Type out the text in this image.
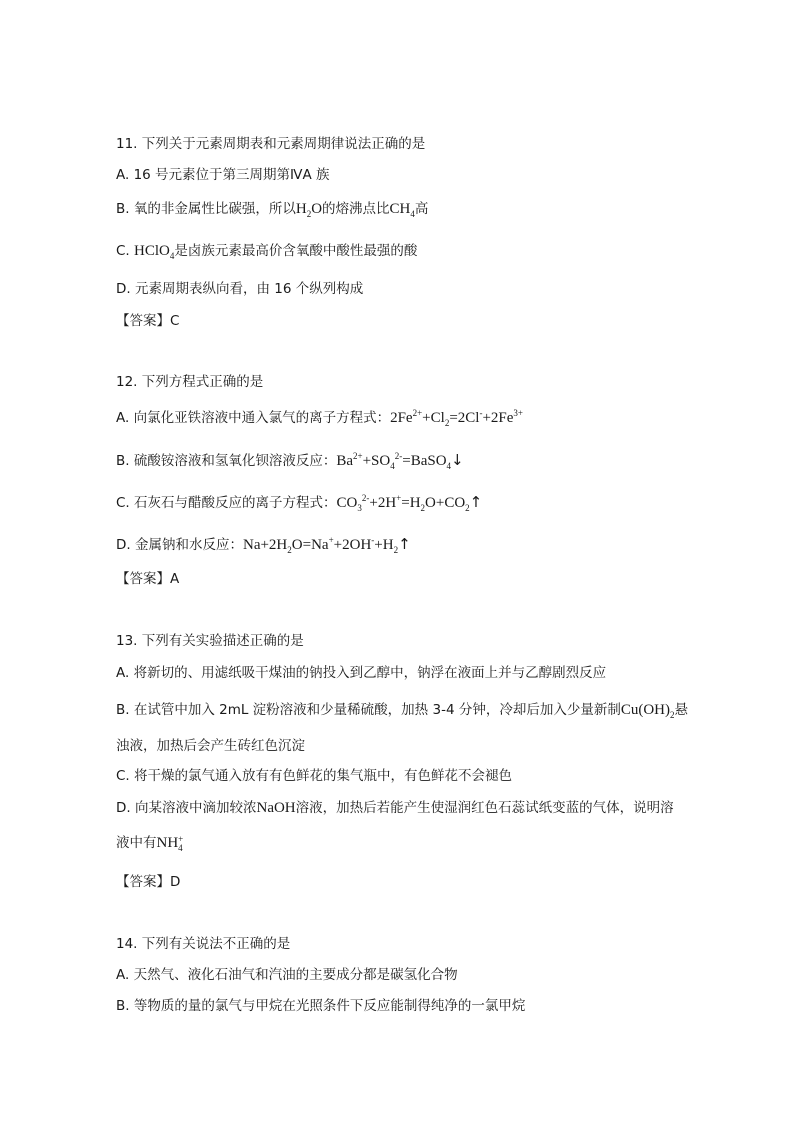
11. 下列关于元素周期表和元素周期律说法正确的是
A. 16 号元素位于第三周期第ⅣA 族
B. 氧的非金属性比碳强，所以$H_2O$的熔沸点比$CH_4$高
C. HClO$_4$是卤族元素最高价含氧酸中酸性最强的酸
D. 元素周期表纵向看，由 16 个纵列构成
【答案】C
12. 下列方程式正确的是
A. 向氯化亚铁溶液中通入氯气的离子方程式：$2Fe^{2+}+Cl_2=2Cl^-+2Fe^{3+}$
B. 硫酸铵溶液和氢氧化钡溶液反应：$Ba^{2+}+SO_4^{2-}=BaSO_4↓$
C. 石灰石与醋酸反应的离子方程式：$CO_3^{2-}+2H^+=H_2O+CO_2↑$
D. 金属钠和水反应：$Na+2H_2O=Na^++2OH^-+H_2↑$
【答案】A
13. 下列有关实验描述正确的是
A. 将新切的、用滤纸吸干煤油的钠投入到乙醇中，钠浮在液面上并与乙醇剧烈反应
B. 在试管中加入 2mL 淀粉溶液和少量稀硫酸，加热 3-4 分钟，冷却后加入少量新制$Cu(OH)_2$悬
浊液，加热后会产生砖红色沉淀
C. 将干燥的氯气通入放有有色鲜花的集气瓶中，有色鲜花不会褪色
D. 向某溶液中滴加较浓NaOH溶液，加热后若能产生使湿润红色石蕊试纸变蓝的气体，说明溶
液中有NH +
4
【答案】D
14. 下列有关说法不正确的是
A. 天然气、液化石油气和汽油的主要成分都是碳氢化合物
B. 等物质的量的氯气与甲烷在光照条件下反应能制得纯净的一氯甲烷
